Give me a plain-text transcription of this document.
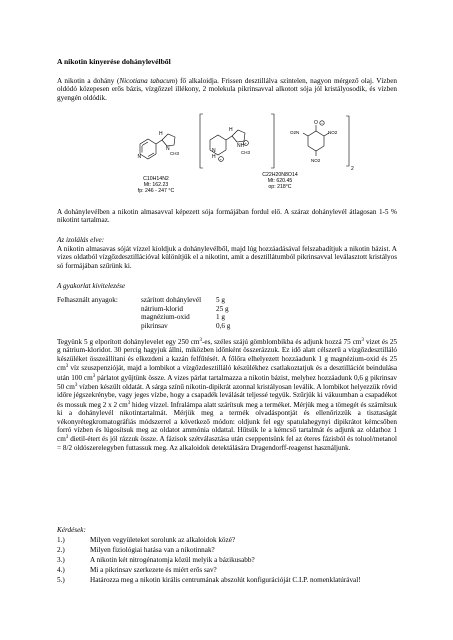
A nikotin kinyerése dohánylevélből

A nikotin a dohány (Nicotiana tabacum) fő alkaloidja. Frissen desztillálva színtelen, nagyon mérgező olaj. Vízben oldódó közepesen erős bázis, vízgőzzel illékony, 2 molekula pikrinsavval alkotott sója jól kristályosodik, és vízben gyengén oldódik.

N
H
N
CH3
C10H14N2
Mt: 162.23
fp: 246 - 247 °C
N
H +
H
NH +
CH3
O −
O2N	NO2
NO2
2
C22H20N8O14
Mt: 620.45
op: 218°C

A dohánylevélben a nikotin almasavval képezett sója formájában fordul elő. A száraz dohánylevél átlagosan 1-5 % nikotint tartalmaz.

Az izolálás elve:

A nikotin almasavas sóját vízzel kioldjuk a dohánylevélből, majd lúg hozzáadásával felszabadítjuk a nikotin bázist. A vizes oldatból vízgőzdesztillációval különítjük el a nikotint, amit a desztillátumból pikrinsavval leválasztott kristályos só formájában szűrünk ki.

A gyakorlat kivitelezése
Felhasznált anyagok:	szárított dohánylevél 5 g
nátrium-klorid	25 g
magnézium-oxid	1 g
pikrinsav	0,6 g

Tegyünk 5 g elporított dohánylevelet egy 250 $cm^3-es$, széles szájú gömblombikba és adjunk hozzá 75 $cm^3$ vizet és 25 g nátrium-kloridot. 30 percig hagyjuk állni, miközben időnként összerázzuk. Ez idő alatt célszerű a vízgőzdesztilláló készüléket összeállítani és elkezdeni a kazán felfűtését. A főlőra elhelyezett hozzáadunk 1 g magnézium-oxid és 25 $cm^3$ víz szuszpenzióját, majd a lombikot a vízgőzdesztilláló készülékhez csatlakoztatjuk és a desztillációt beindulása után 100 $cm^3$ párlatot gyűjtünk össze. A vizes párlat tartalmazza a nikotin bázist, melyhez hozzáadunk 0,6 g pikrinsav 50 $cm^3$ vízben készült oldatát. A sárga színű nikotin-dipikrát azonnal kristályosan leválik. A lombikot helyezzük rövid időre jégszekrénybe, vagy jeges vízbe, hogy a csapadék leválását teljessé tegyük. Szűrjük ki vákuumban a csapadékot és mossuk meg 2 x 2 $cm^3$ hideg vízzel. Infralámpa alatt szárítsuk meg a terméket. Mérjük meg a tömegét és számítsuk ki a dohánylevél nikotintartalmát. Mérjük meg a termék olvadáspontját és ellenőrizzük a tisztaságát vékonyrétegkromatográfiás módszerrel a következő módon: oldjunk fel egy spatulahegynyi dipikrátot kémcsőben forró vízben és lúgosítsuk meg az oldatot ammónia oldattal. Hűtsük le a kémcső tartalmát és adjunk az oldathoz 1 $cm^3$ dietil-étert és jól rázzuk össze. A fázisok szétválasztása után cseppentsünk fel az éteres fázisból és toluol/metanol = 8/2 oldószerelegyben futtassuk meg. Az alkaloidok detektálására Dragendorff-reagenst használjunk.

Kérdések:
1.)	Milyen vegyületeket sorolunk az alkaloidok közé?
2.)	Milyen fiziológiai hatása van a nikotinnak?
3.)	A nikotin két nitrogénatomja közül melyik a bázikusabb?
4.)	Mi a pikrinsav szerkezete és miért erős sav?
5.)	Határozza meg a nikotin királis centrumának abszolút konfigurációját C.I.P. nomenklatúrával!
